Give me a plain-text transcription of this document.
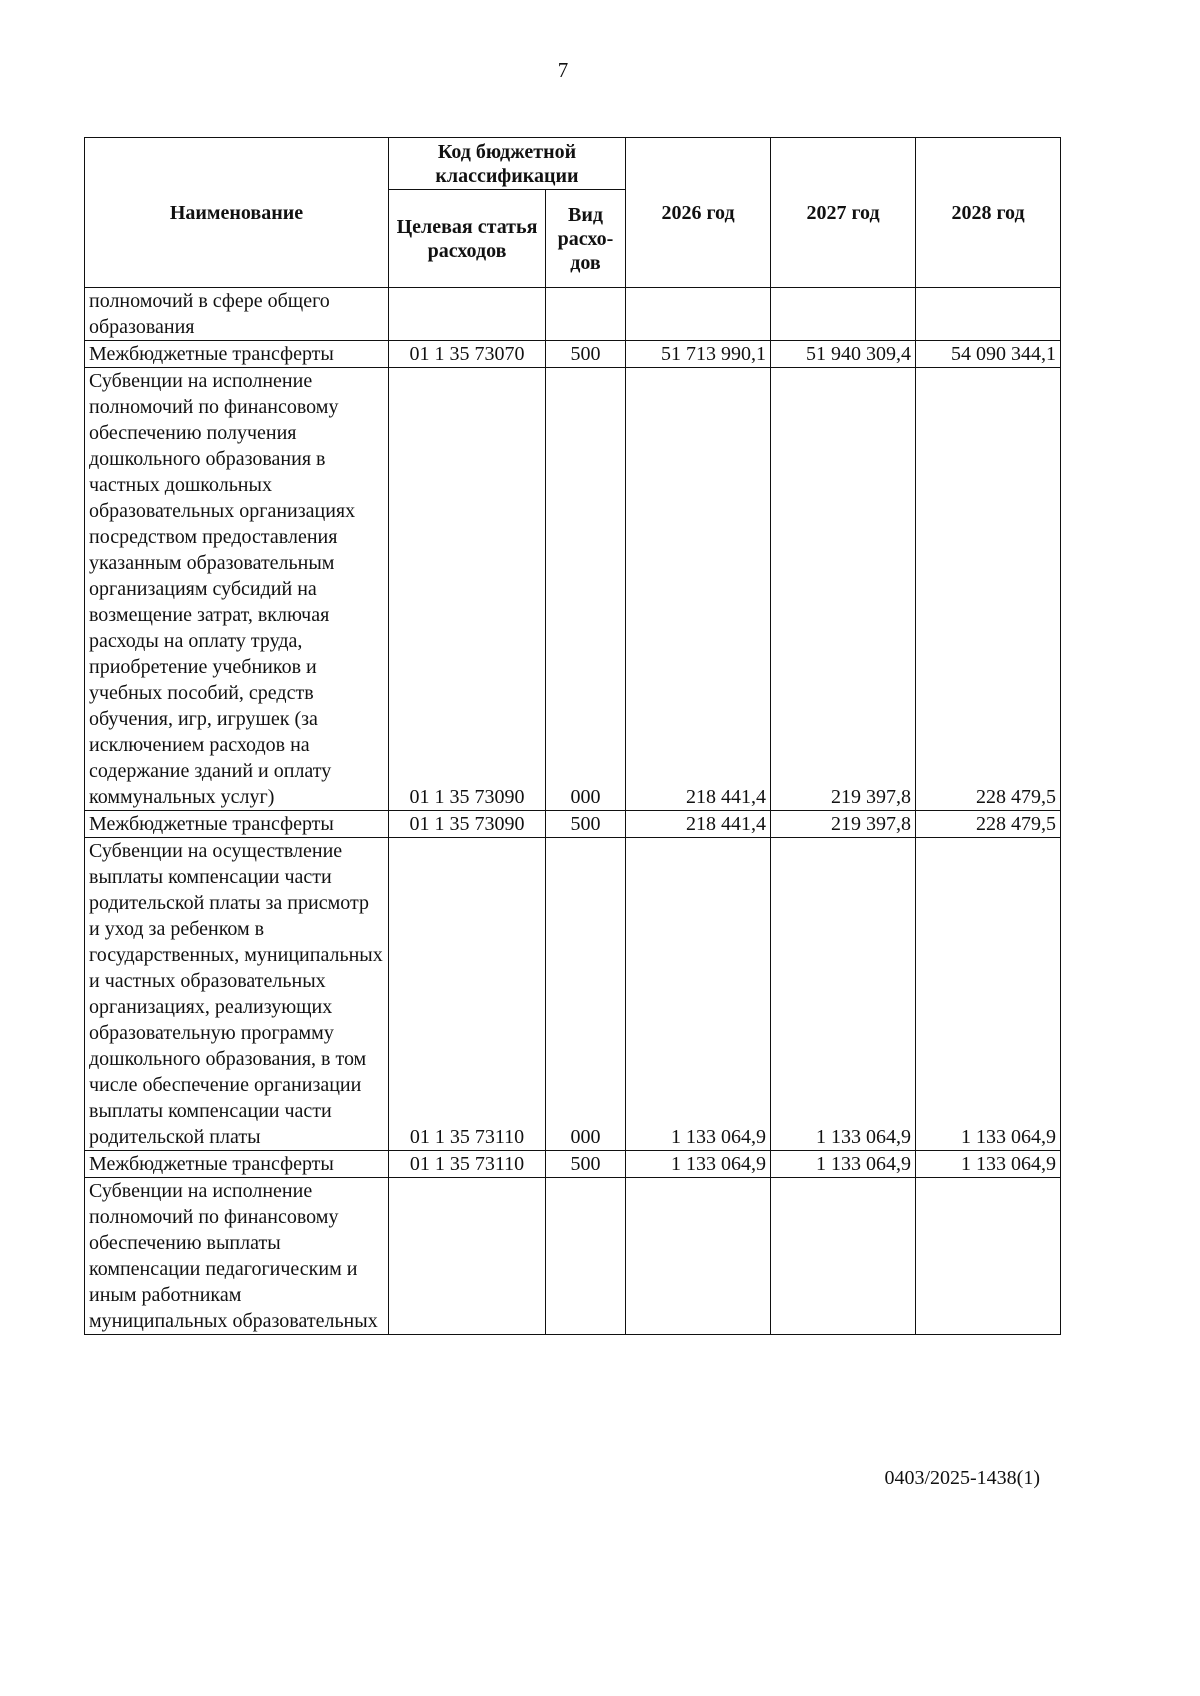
7
Наименование	Код бюджетной классификации		2026 год	2027 год	2028 год
	Целевая статья расходов	Вид расхо-дов			
полномочий в сфере общего образования					
Межбюджетные трансферты	01 1 35 73070	500	51 713 990,1	51 940 309,4	54 090 344,1
Субвенции на исполнение полномочий по финансовому обеспечению получения дошкольного образования в частных дошкольных образовательных организациях посредством предоставления указанным образовательным организациям субсидий на возмещение затрат, включая расходы на оплату труда, приобретение учебников и учебных пособий, средств обучения, игр, игрушек (за исключением расходов на содержание зданий и оплату коммунальных услуг)	01 1 35 73090	000	218 441,4	219 397,8	228 479,5
Межбюджетные трансферты	01 1 35 73090	500	218 441,4	219 397,8	228 479,5
Субвенции на осуществление выплаты компенсации части родительской платы за присмотр и уход за ребенком в государственных, муниципальных и частных образовательных организациях, реализующих образовательную программу дошкольного образования, в том числе обеспечение организации выплаты компенсации части родительской платы	01 1 35 73110	000	1 133 064,9	1 133 064,9	1 133 064,9
Межбюджетные трансферты	01 1 35 73110	500	1 133 064,9	1 133 064,9	1 133 064,9
Субвенции на исполнение полномочий по финансовому обеспечению выплаты компенсации педагогическим и иным работникам муниципальных образовательных					
0403/2025-1438(1)
